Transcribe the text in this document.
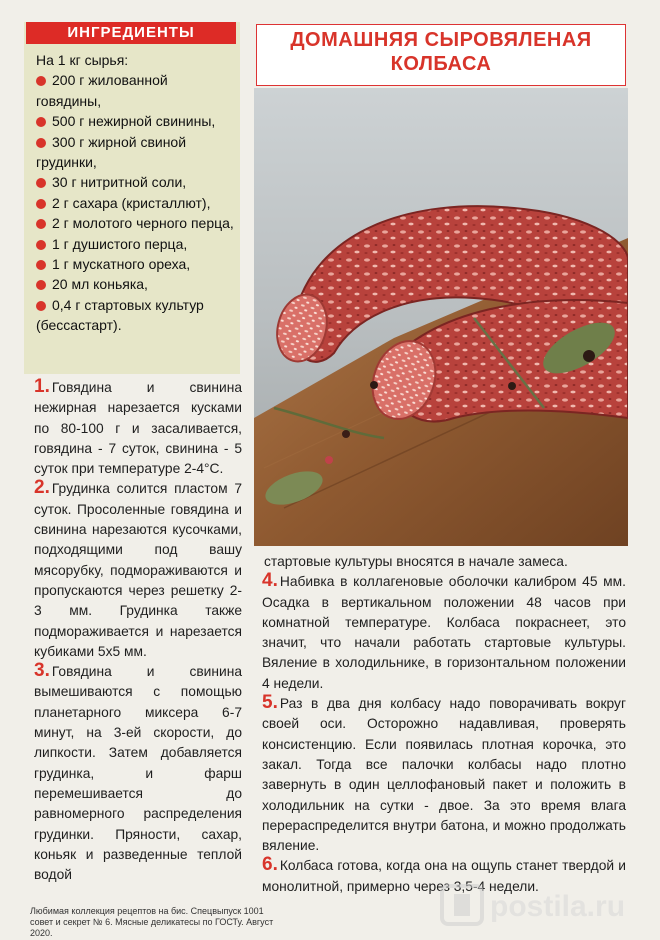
ИНГРЕДИЕНТЫ

На 1 кг сырья:

200 г жилованной говядины,

500 г нежирной свинины,

300 г жирной свиной грудинки,

30 г нитритной соли,

2 г сахара (кристаллют),

2 г молотого черного перца,

1 г душистого перца,

1 г мускатного ореха,

20 мл коньяка,

0,4 г стартовых культур (бессастарт).

ДОМАШНЯЯ СЫРОВЯЛЕНАЯ КОЛБАСА

1. Говядина и свинина нежирная нарезается кусками по 80-100 г и засаливается, говядина - 7 суток, свинина - 5 суток при температуре 2-4°С.

2. Грудинка солится пластом 7 суток. Просоленные говядина и свинина нарезаются кусочками, подходящими под вашу мясорубку, подмораживаются и пропускаются через решетку 2-3 мм. Грудинка также подмораживается и нарезается кубиками 5х5 мм.

3. Говядина и свинина вымешиваются с помощью планетарного миксера 6-7 минут, на 3-ей скорости, до липкости. Затем добавляется грудинка, и фарш перемешивается до равномерного распределения грудинки. Пряности, сахар, коньяк и разведенные теплой водой

стартовые культуры вносятся в начале замеса.

4. Набивка в коллагеновые оболочки калибром 45 мм. Осадка в вертикальном положении 48 часов при комнатной температуре. Колбаса покраснеет, это значит, что начали работать стартовые культуры. Вяление в холодильнике, в горизонтальном положении 4 недели.

5. Раз в два дня колбасу надо поворачивать вокруг своей оси. Осторожно надавливая, проверять консистенцию. Если появилась плотная корочка, это закал. Тогда все палочки колбасы надо плотно завернуть в один целлофановый пакет и положить в холодильник на сутки - двое. За это время влага перераспределится внутри батона, и можно продолжать вяление.

6. Колбаса готова, когда она на ощупь станет твердой и монолитной, примерно через 3,5-4 недели.

Любимая коллекция рецептов на бис. Спецвыпуск 1001
совет и секрет № 6. Мясные деликатесы по ГОСТу. Август 2020.
postila.ru
